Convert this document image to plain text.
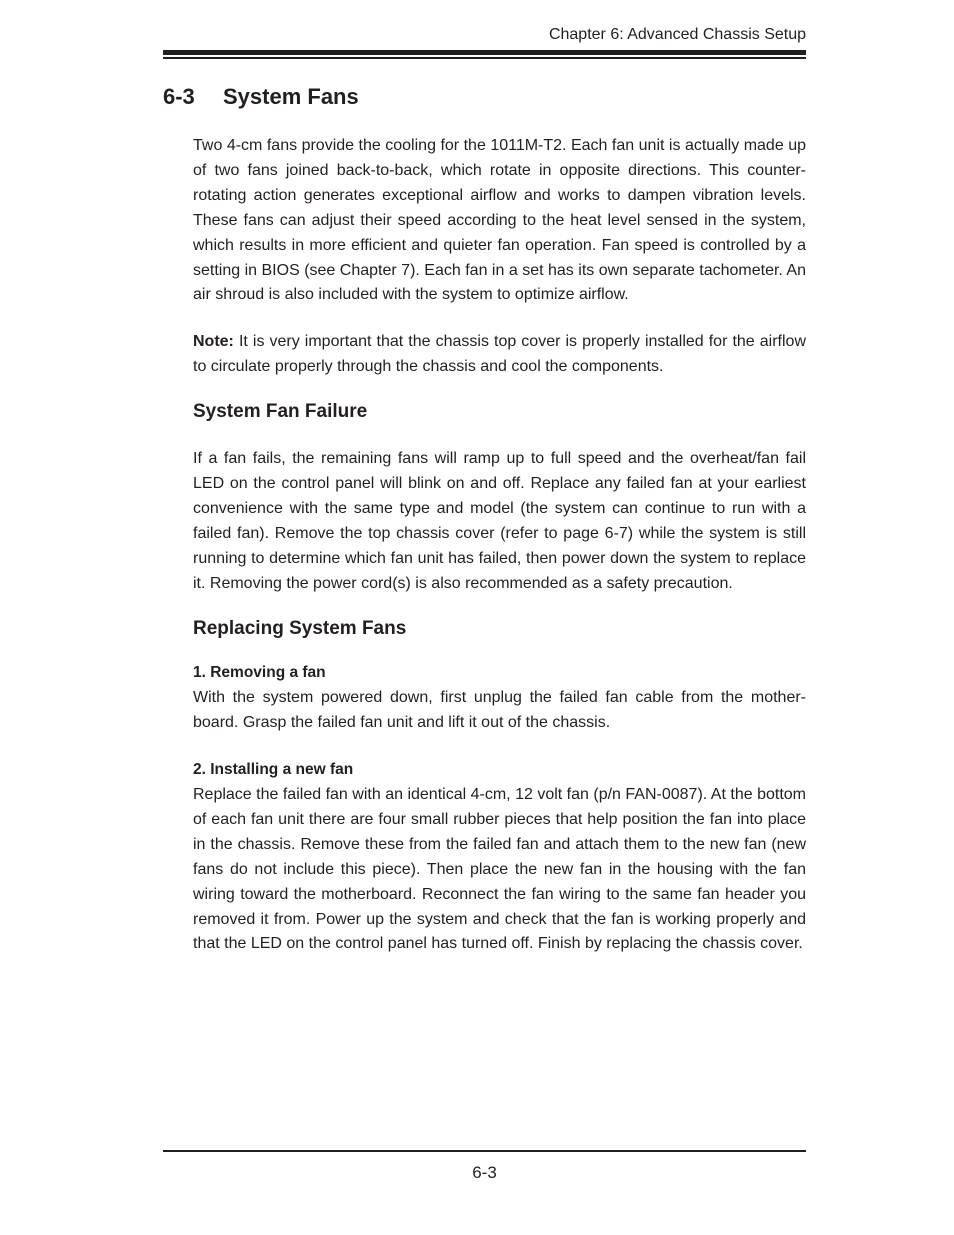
Chapter 6: Advanced Chassis Setup

6-3 System Fans

Two 4-cm fans provide the cooling for the 1011M-T2. Each fan unit is actually made up of two fans joined back-to-back, which rotate in opposite directions. This counter-rotating action generates exceptional airflow and works to dampen vibration levels. These fans can adjust their speed according to the heat level sensed in the system, which results in more efficient and quieter fan operation. Fan speed is controlled by a setting in BIOS (see Chapter 7). Each fan in a set has its own separate tachometer. An air shroud is also included with the system to optimize airflow.

Note: It is very important that the chassis top cover is properly installed for the airflow to circulate properly through the chassis and cool the components.

System Fan Failure

If a fan fails, the remaining fans will ramp up to full speed and the overheat/fan fail LED on the control panel will blink on and off. Replace any failed fan at your earliest convenience with the same type and model (the system can continue to run with a failed fan). Remove the top chassis cover (refer to page 6-7) while the system is still running to determine which fan unit has failed, then power down the system to replace it. Removing the power cord(s) is also recommended as a safety precaution.

Replacing System Fans
1. Removing a fan

With the system powered down, first unplug the failed fan cable from the mother-board. Grasp the failed fan unit and lift it out of the chassis.

2. Installing a new fan

Replace the failed fan with an identical 4-cm, 12 volt fan (p/n FAN-0087). At the bottom of each fan unit there are four small rubber pieces that help position the fan into place in the chassis. Remove these from the failed fan and attach them to the new fan (new fans do not include this piece). Then place the new fan in the housing with the fan wiring toward the motherboard. Reconnect the fan wiring to the same fan header you removed it from. Power up the system and check that the fan is working properly and that the LED on the control panel has turned off. Finish by replacing the chassis cover.

6-3
